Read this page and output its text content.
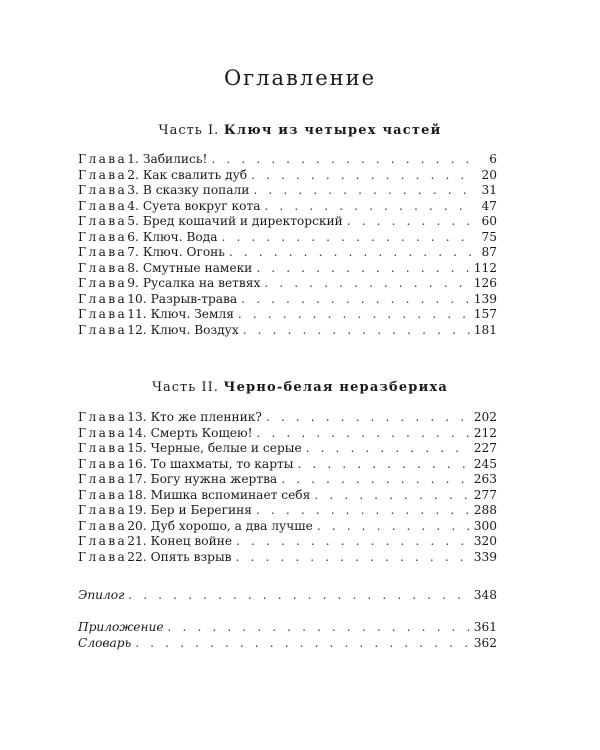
Оглавление
Часть I. Ключ из четырех частей
Глава 1. Забились! . . .	6
Глава 2. Как свалить дуб . . .	20
Глава 3. В сказку попали . . .	31
Глава 4. Суета вокруг кота . . .	47
Глава 5. Бред кошачий и директорский . . .	60
Глава 6. Ключ. Вода . . .	75
Глава 7. Ключ. Огонь . . .	87
Глава 8. Смутные намеки . . .	112
Глава 9. Русалка на ветвях . . .	126
Глава 10. Разрыв-трава . . .	139
Глава 11. Ключ. Земля . . .	157
Глава 12. Ключ. Воздух . . .	181
Часть II. Черно-белая неразбериха
Глава 13. Кто же пленник? . . .	202
Глава 14. Смерть Кощею! . . .	212
Глава 15. Черные, белые и серые . . .	227
Глава 16. То шахматы, то карты . . .	245
Глава 17. Богу нужна жертва . . .	263
Глава 18. Мишка вспоминает себя . . .	277
Глава 19. Бер и Берегиня . . .	288
Глава 20. Дуб хорошо, а два лучше . . .	300
Глава 21. Конец войне . . .	320
Глава 22. Опять взрыв . . .	339
Эпилог . . .	348
Приложение . . .	361
Словарь . . .	362
